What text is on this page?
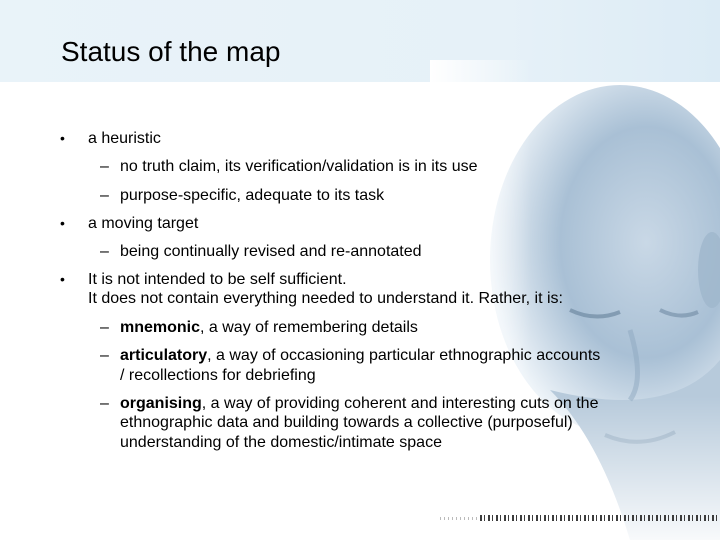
Status of the map
• a heuristic
– no truth claim, its verification/validation is in its use
– purpose-specific, adequate to its task
• a moving target
– being continually revised and re-annotated
• It is not intended to be self sufficient.
It does not contain everything needed to understand it. Rather, it is:
– mnemonic, a way of remembering details
– articulatory, a way of occasioning particular ethnographic accounts
/ recollections for debriefing
– organising, a way of providing coherent and interesting cuts on the
ethnographic data and building towards a collective (purposeful)
understanding of the domestic/intimate space
